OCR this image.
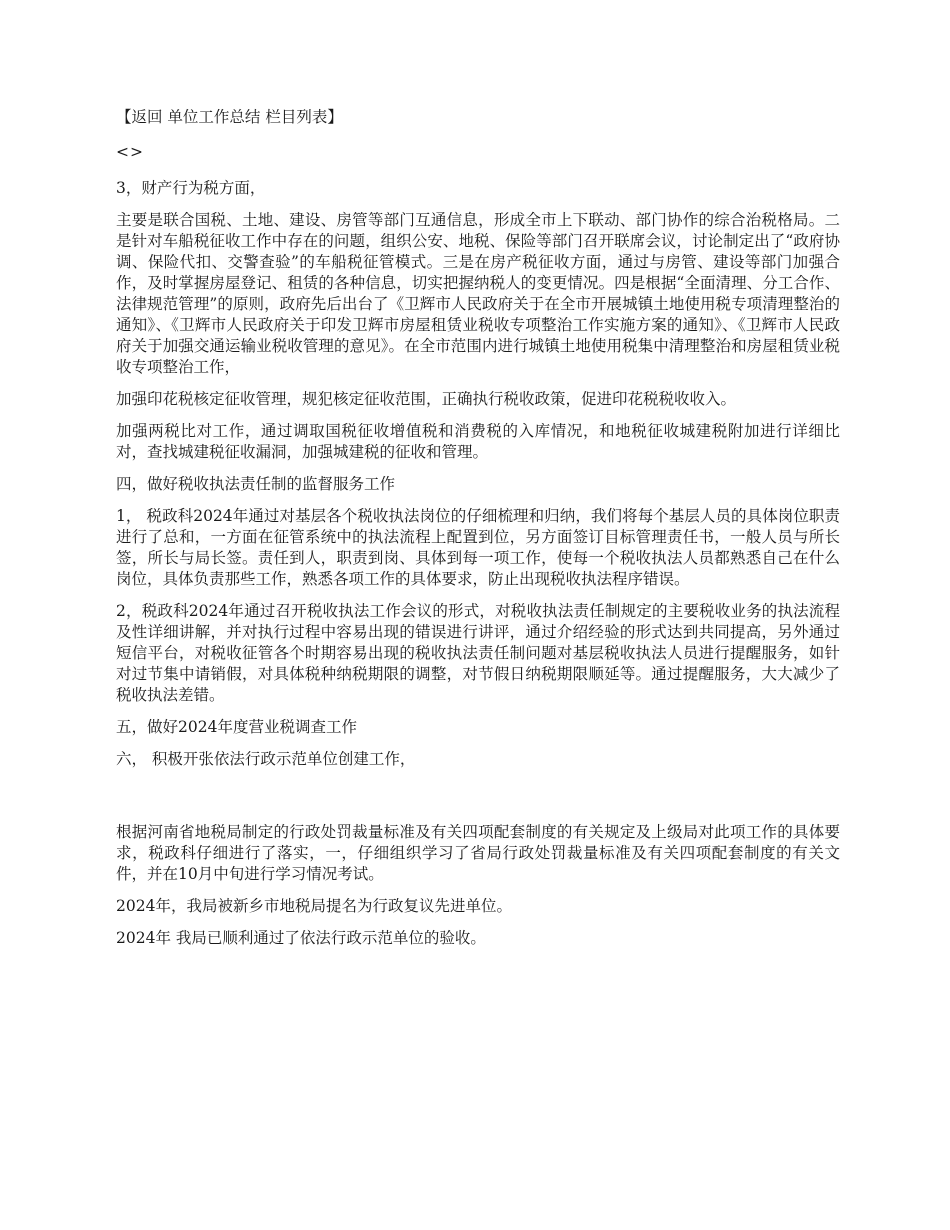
【返回 单位工作总结 栏目列表】

<>

3，财产行为税方面，

主要是联合国税、土地、建设、房管等部门互通信息，形成全市上下联动、部门协作的综合治税格局。二是针对车船税征收工作中存在的问题，组织公安、地税、保险等部门召开联席会议，讨论制定出了“政府协调、保险代扣、交警查验”的车船税征管模式。三是在房产税征收方面，通过与房管、建设等部门加强合作，及时掌握房屋登记、租赁的各种信息，切实把握纳税人的变更情况。四是根据“全面清理、分工合作、法律规范管理”的原则，政府先后出台了《卫辉市人民政府关于在全市开展城镇土地使用税专项清理整治的通知》、《卫辉市人民政府关于印发卫辉市房屋租赁业税收专项整治工作实施方案的通知》、《卫辉市人民政府关于加强交通运输业税收管理的意见》。在全市范围内进行城镇土地使用税集中清理整治和房屋租赁业税收专项整治工作，

加强印花税核定征收管理，规犯核定征收范围，正确执行税收政策，促进印花税税收收入。

加强两税比对工作，通过调取国税征收增值税和消费税的入库情况，和地税征收城建税附加进行详细比对，查找城建税征收漏洞，加强城建税的征收和管理。

四，做好税收执法责任制的监督服务工作

1， 税政科2024年通过对基层各个税收执法岗位的仔细梳理和归纳，我们将每个基层人员的具体岗位职责进行了总和，一方面在征管系统中的执法流程上配置到位，另方面签订目标管理责任书，一般人员与所长签，所长与局长签。责任到人，职责到岗、具体到每一项工作，使每一个税收执法人员都熟悉自己在什么岗位，具体负责那些工作，熟悉各项工作的具体要求，防止出现税收执法程序错误。

2，税政科2024年通过召开税收执法工作会议的形式，对税收执法责任制规定的主要税收业务的执法流程及性详细讲解，并对执行过程中容易出现的错误进行讲评，通过介绍经验的形式达到共同提高，另外通过短信平台，对税收征管各个时期容易出现的税收执法责任制问题对基层税收执法人员进行提醒服务，如针对过节集中请销假，对具体税种纳税期限的调整，对节假日纳税期限顺延等。通过提醒服务，大大减少了税收执法差错。

五，做好2024年度营业税调查工作

六， 积极开张依法行政示范单位创建工作，

根据河南省地税局制定的行政处罚裁量标准及有关四项配套制度的有关规定及上级局对此项工作的具体要求，税政科仔细进行了落实，一，仔细组织学习了省局行政处罚裁量标准及有关四项配套制度的有关文件，并在10月中旬进行学习情况考试。

2024年，我局被新乡市地税局提名为行政复议先进单位。

2024年 我局已顺利通过了依法行政示范单位的验收。
